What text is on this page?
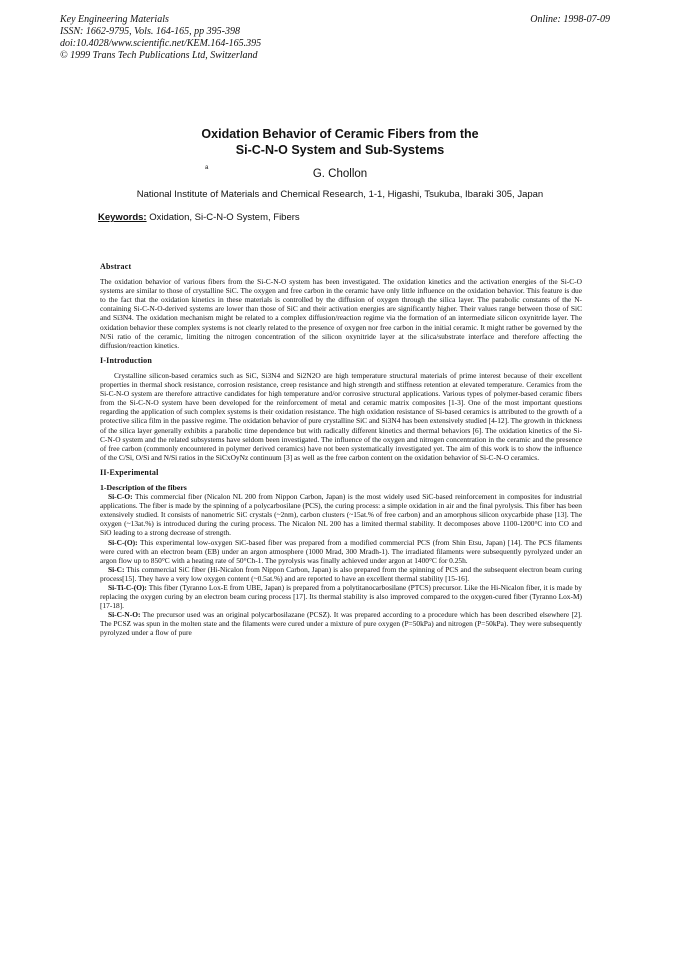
Key Engineering Materials
ISSN: 1662-9795, Vols. 164-165, pp 395-398
doi:10.4028/www.scientific.net/KEM.164-165.395
© 1999 Trans Tech Publications Ltd, Switzerland
Online: 1998-07-09
Oxidation Behavior of Ceramic Fibers from the
Si-C-N-O System and Sub-Systems
a	G. Chollon
National Institute of Materials and Chemical Research, 1-1, Higashi, Tsukuba, Ibaraki 305, Japan
Keywords: Oxidation, Si-C-N-O System, Fibers
Abstract

The oxidation behavior of various fibers from the Si-C-N-O system has been investigated. The oxidation kinetics and the activation energies of the Si-C-O systems are similar to those of crystalline SiC. The oxygen and free carbon in the ceramic have only little influence on the oxidation behavior. This feature is due to the fact that the oxidation kinetics in these materials is controlled by the diffusion of oxygen through the silica layer. The parabolic constants of the N-containing Si-C-N-O-derived systems are lower than those of SiC and their activation energies are significantly higher. Their values range between those of SiC and Si3N4. The oxidation mechanism might be related to a complex diffusion/reaction regime via the formation of an intermediate silicon oxynitride layer. The oxidation behavior these complex systems is not clearly related to the presence of oxygen nor free carbon in the initial ceramic. It might rather be governed by the N/Si ratio of the ceramic, limiting the nitrogen concentration of the silicon oxynitride layer at the silica/substrate interface and therefore affecting the diffusion/reaction kinetics.

I-Introduction

Crystalline silicon-based ceramics such as SiC, Si3N4 and Si2N2O are high temperature structural materials of prime interest because of their excellent properties in thermal shock resistance, corrosion resistance, creep resistance and high strength and stiffness retention at elevated temperature. Ceramics from the Si-C-N-O system are therefore attractive candidates for high temperature and/or corrosive structural applications. Various types of polymer-based ceramic fibers from the Si-C-N-O system have been developed for the reinforcement of metal and ceramic matrix composites [1-3]. One of the most important questions regarding the application of such complex systems is their oxidation resistance. The high oxidation resistance of Si-based ceramics is attributed to the growth of a protective silica film in the passive regime. The oxidation behavior of pure crystalline SiC and Si3N4 has been extensively studied [4-12]. The growth in thickness of the silica layer generally exhibits a parabolic time dependence but with radically different kinetics and thermal behaviors [6]. The oxidation kinetics of the Si-C-N-O system and the related subsystems have seldom been investigated. The influence of the oxygen and nitrogen concentration in the ceramic and the presence of free carbon (commonly encountered in polymer derived ceramics) have not been systematically investigated yet. The aim of this work is to show the influence of the C/Si, O/Si and N/Si ratios in the SiCxOyNz continuum [3] as well as the free carbon content on the oxidation behavior of Si-C-N-O ceramics.

II-Experimental
1-Description of the fibers

Si-C-O: This commercial fiber (Nicalon NL 200 from Nippon Carbon, Japan) is the most widely used SiC-based reinforcement in composites for industrial applications. The fiber is made by the spinning of a polycarbosilane (PCS), the curing process: a simple oxidation in air and the final pyrolysis. This fiber has been extensively studied. It consists of nanometric SiC crystals (~2nm), carbon clusters (~15at.% of free carbon) and an amorphous silicon oxycarbide phase [13]. The oxygen (~13at.%) is introduced during the curing process. The Nicalon NL 200 has a limited thermal stability. It decomposes above 1100-1200°C into CO and SiO leading to a strong decrease of strength.

Si-C-(O): This experimental low-oxygen SiC-based fiber was prepared from a modified commercial PCS (from Shin Etsu, Japan) [14]. The PCS filaments were cured with an electron beam (EB) under an argon atmosphere (1000 Mrad, 300 Mradh-1). The irradiated filaments were subsequently pyrolyzed under an argon flow up to 850°C with a heating rate of 50°Ch-1. The pyrolysis was finally achieved under argon at 1400°C for 0.25h.

Si-C: This commercial SiC fiber (Hi-Nicalon from Nippon Carbon, Japan) is also prepared from the spinning of PCS and the subsequent electron beam curing process[15]. They have a very low oxygen content (~0.5at.%) and are reported to have an excellent thermal stability [15-16].

Si-Ti-C-(O): This fiber (Tyranno Lox-E from UBE, Japan) is prepared from a polytitanocarbosilane (PTCS) precursor. Like the Hi-Nicalon fiber, it is made by replacing the oxygen curing by an electron beam curing process [17]. Its thermal stability is also improved compared to the oxygen-cured fiber (Tyranno Lox-M) [17-18].

Si-C-N-O: The precursor used was an original polycarbosilazane (PCSZ). It was prepared according to a procedure which has been described elsewhere [2]. The PCSZ was spun in the molten state and the filaments were cured under a mixture of pure oxygen (P=50kPa) and nitrogen (P=50kPa). They were subsequently pyrolyzed under a flow of pure
